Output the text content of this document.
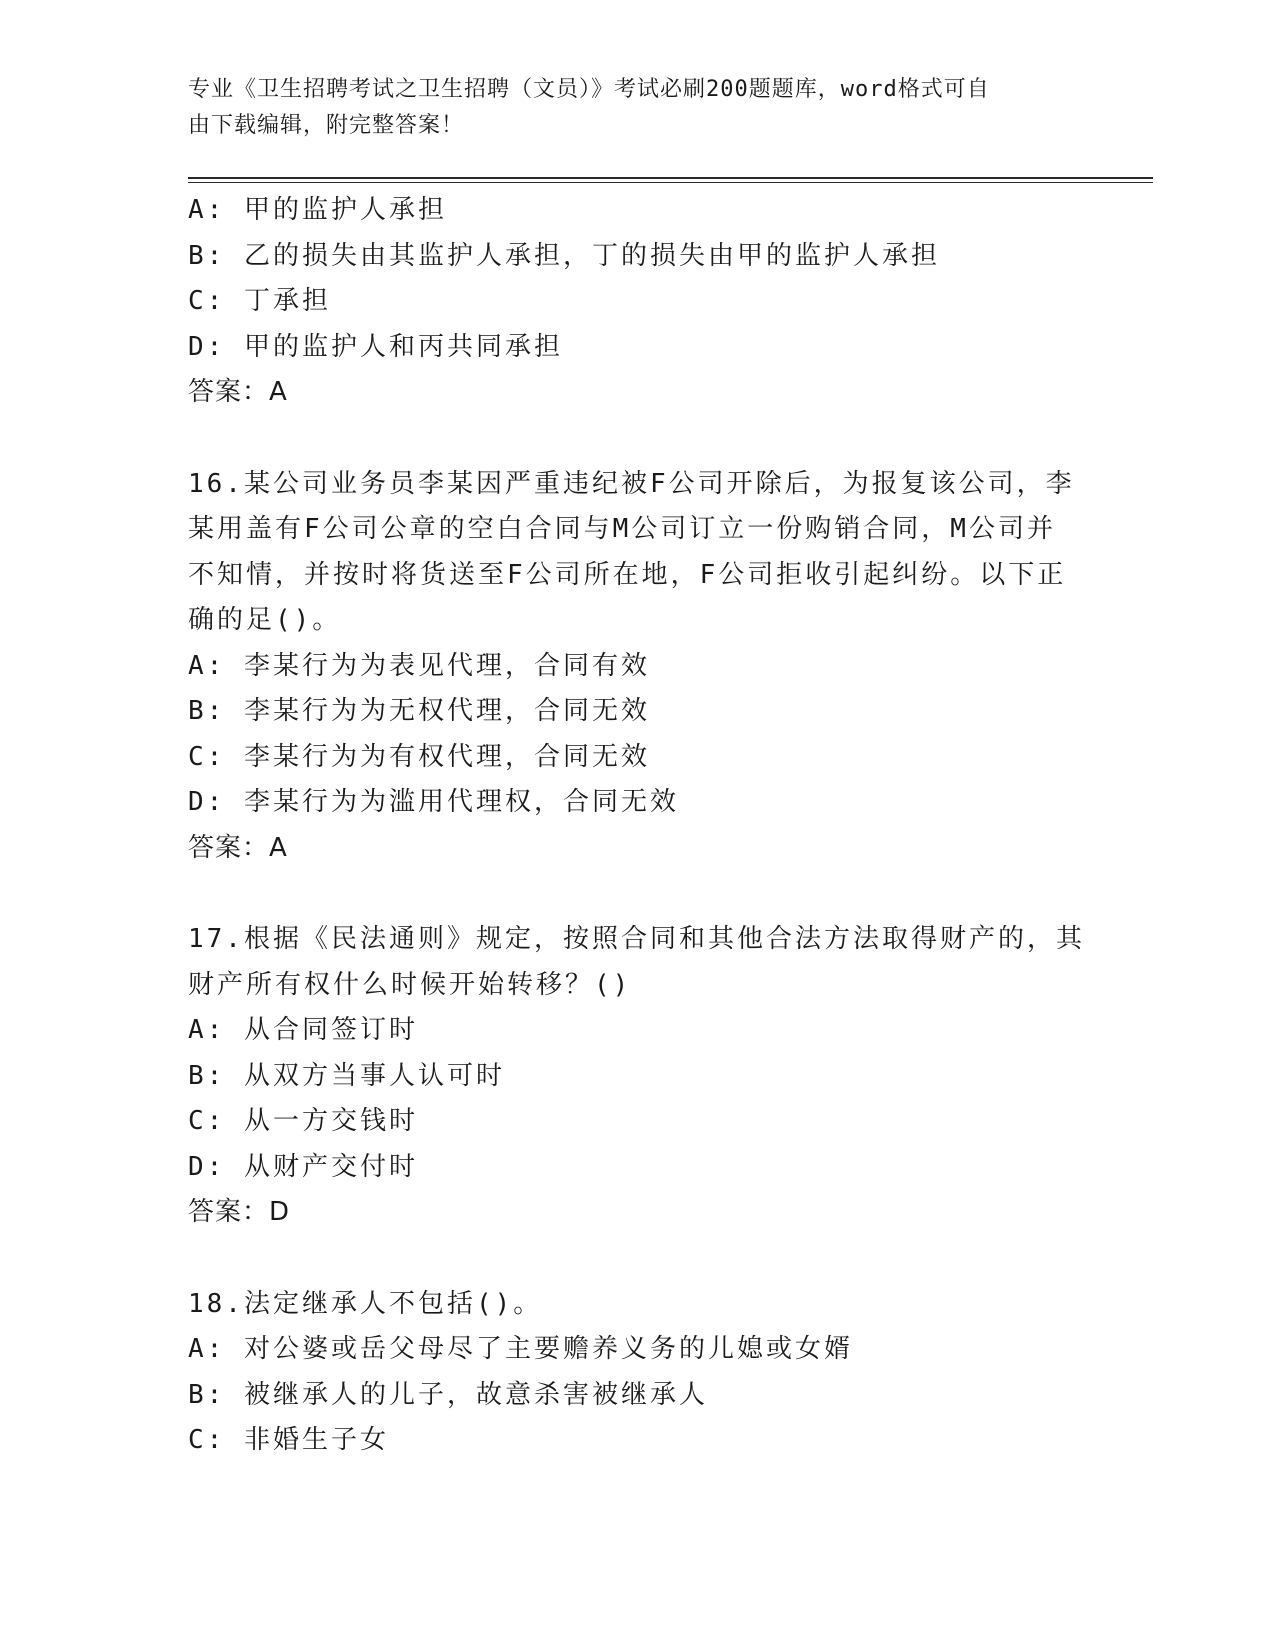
专业《卫生招聘考试之卫生招聘（文员）》考试必刷200题题库，word格式可自
由下载编辑，附完整答案！
A: 甲的监护人承担
B: 乙的损失由其监护人承担，丁的损失由甲的监护人承担
C: 丁承担
D: 甲的监护人和丙共同承担
答案：A
16.某公司业务员李某因严重违纪被F公司开除后，为报复该公司，李
某用盖有F公司公章的空白合同与M公司订立一份购销合同，M公司并
不知情，并按时将货送至F公司所在地，F公司拒收引起纠纷。以下正
确的足()。
A: 李某行为为表见代理，合同有效
B: 李某行为为无权代理，合同无效
C: 李某行为为有权代理，合同无效
D: 李某行为为滥用代理权，合同无效
答案：A
17.根据《民法通则》规定，按照合同和其他合法方法取得财产的，其
财产所有权什么时候开始转移？()
A: 从合同签订时
B: 从双方当事人认可时
C: 从一方交钱时
D: 从财产交付时
答案：D
18.法定继承人不包括()。
A: 对公婆或岳父母尽了主要赡养义务的儿媳或女婿
B: 被继承人的儿子，故意杀害被继承人
C: 非婚生子女
